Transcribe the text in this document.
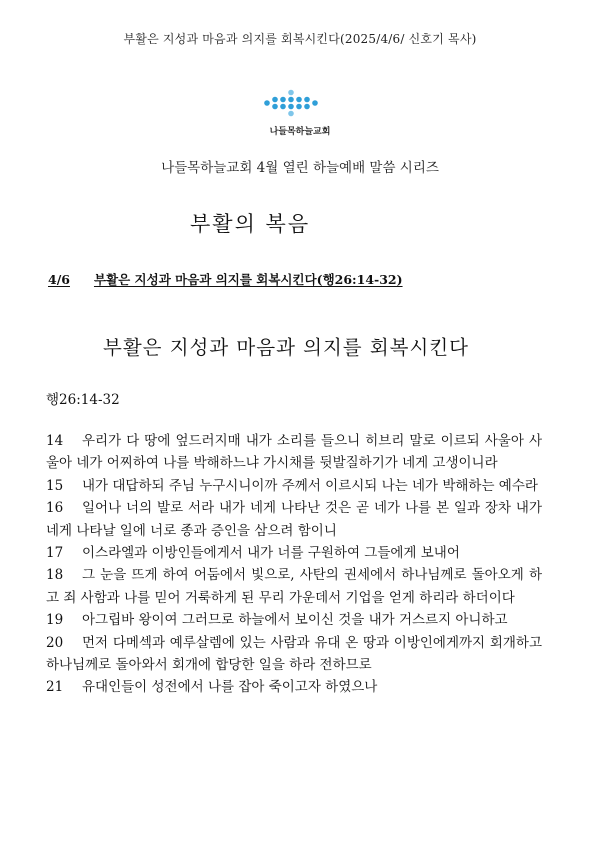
부활은 지성과 마음과 의지를 회복시킨다(2025/4/6/ 신호기 목사)
나들목하늘교회
나들목하늘교회 4월 열린 하늘예배 말씀 시리즈
부활의 복음
4/6 부활은 지성과 마음과 의지를 회복시킨다(행26:14-32)
부활은 지성과 마음과 의지를 회복시킨다
행26:14-32

14 우리가 다 땅에 엎드러지매 내가 소리를 들으니 히브리 말로 이르되 사울아 사울아 네가 어찌하여 나를 박해하느냐 가시채를 뒷발질하기가 네게 고생이니라

15 내가 대답하되 주님 누구시니이까 주께서 이르시되 나는 네가 박해하는 예수라

16 일어나 너의 발로 서라 내가 네게 나타난 것은 곧 네가 나를 본 일과 장차 내가 네게 나타날 일에 너로 종과 증인을 삼으려 함이니

17 이스라엘과 이방인들에게서 내가 너를 구원하여 그들에게 보내어

18 그 눈을 뜨게 하여 어둠에서 빛으로, 사탄의 권세에서 하나님께로 돌아오게 하고 죄 사함과 나를 믿어 거룩하게 된 무리 가운데서 기업을 얻게 하리라 하더이다

19 아그립바 왕이여 그러므로 하늘에서 보이신 것을 내가 거스르지 아니하고

20 먼저 다메섹과 예루살렘에 있는 사람과 유대 온 땅과 이방인에게까지 회개하고 하나님께로 돌아와서 회개에 합당한 일을 하라 전하므로

21 유대인들이 성전에서 나를 잡아 죽이고자 하였으나
